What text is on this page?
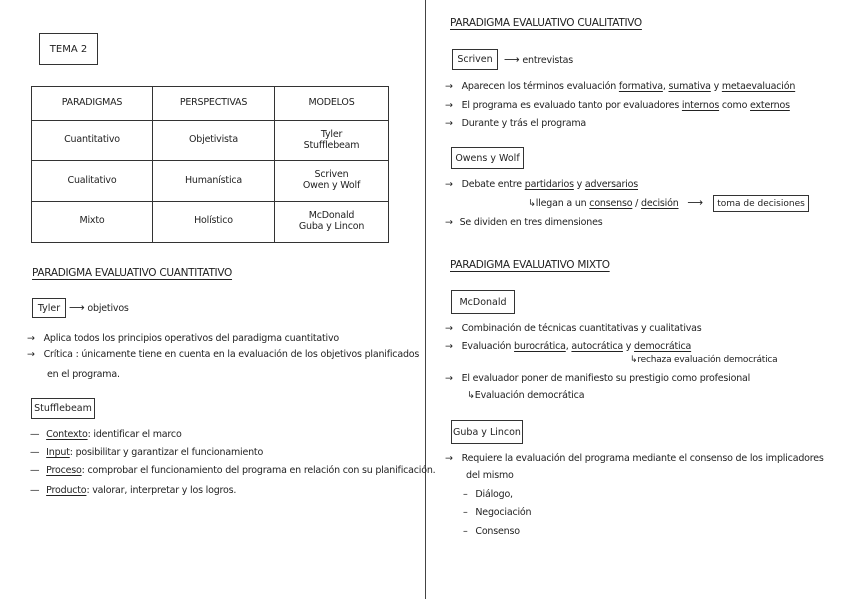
TEMA 2
PARADIGMAS	PERSPECTIVAS	MODELOS
Cuantitativo	Objetivista	Tyler
Stufflebeam
Cualitativo	Humanística	Scriven
Owen y Wolf
Mixto	Holístico	McDonald
Guba y Lincon
PARADIGMA EVALUATIVO CUANTITATIVO
Tyler ⟶ objetivos
→ Aplica todos los principios operativos del paradigma cuantitativo
→ Crítica : únicamente tiene en cuenta en la evaluación de los objetivos planificados
en el programa.
Stufflebeam
— Contexto: identificar el marco
— Input: posibilitar y garantizar el funcionamiento
— Proceso: comprobar el funcionamiento del programa en relación con su planificación.
— Producto: valorar, interpretar y los logros.
PARADIGMA EVALUATIVO CUALITATIVO
Scriven	⟶ entrevistas
→ Aparecen los términos evaluación formativa, sumativa y metaevaluación
→ El programa es evaluado tanto por evaluadores internos como externos
→ Durante y trás el programa
Owens y Wolf
→ Debate entre partidarios y adversarios
↳llegan a un consenso / decisión ⟶	toma de decisiones
→ Se dividen en tres dimensiones
PARADIGMA EVALUATIVO MIXTO
McDonald
→ Combinación de técnicas cuantitativas y cualitativas
→ Evaluación burocrática, autocrática y democrática
↳rechaza evaluación democrática
→ El evaluador poner de manifiesto su prestigio como profesional
↳Evaluación democrática
Guba y Lincon
→ Requiere la evaluación del programa mediante el consenso de los implicadores
del mismo
– Diálogo,
– Negociación
– Consenso
